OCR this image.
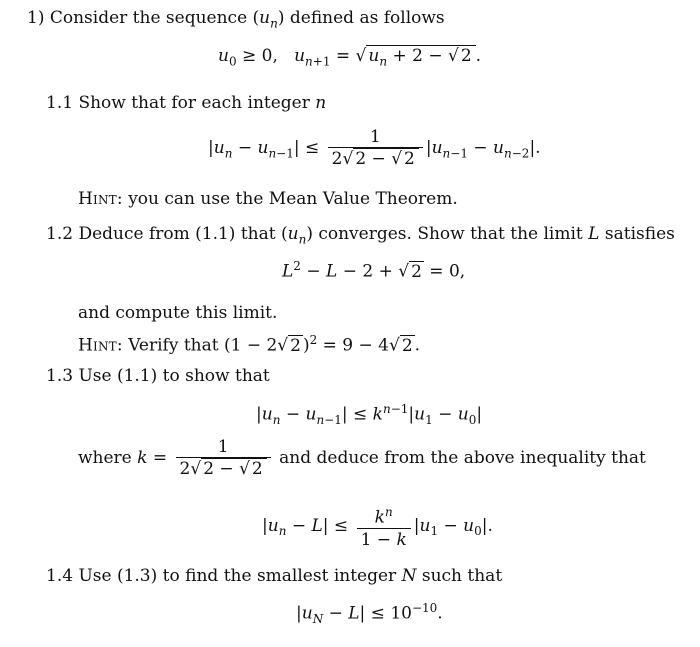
1) Consider the sequence $(u_n)$ defined as follows
$u_0 \ge 0$,   $u_{n+1}$ = √ $u_n + 2$ − √ 2 .
1.1 Show that for each integer n
$|u_n - u_{n-1}| \le \frac{1}{2√ 2 - √ 2} |u_{n-1} - u_{n-2}|$.
Hint: you can use the Mean Value Theorem.
1.2 Deduce from (1.1) that $(u_n)$ converges. Show that the limit L satisfies
$L^2 - L - 2$ + √ 2 = 0,
and compute this limit.
Hint: Verify that (1 − 2√ 2 )$^2$ = 9 − 4√ 2 .
1.3 Use (1.1) to show that
$|u_n - u_{n-1}| \le k^{n-1}|u_1 - u_0|$
where $k = \frac{1}{2√ 2 - √ 2}$ and deduce from the above inequality that
$|u_n - L| \le \frac{k^n}{1 - k} |u_1 - u_0|$.
1.4 Use (1.3) to find the smallest integer N such that
$|u_N - L| \le 10^{-10}$.
